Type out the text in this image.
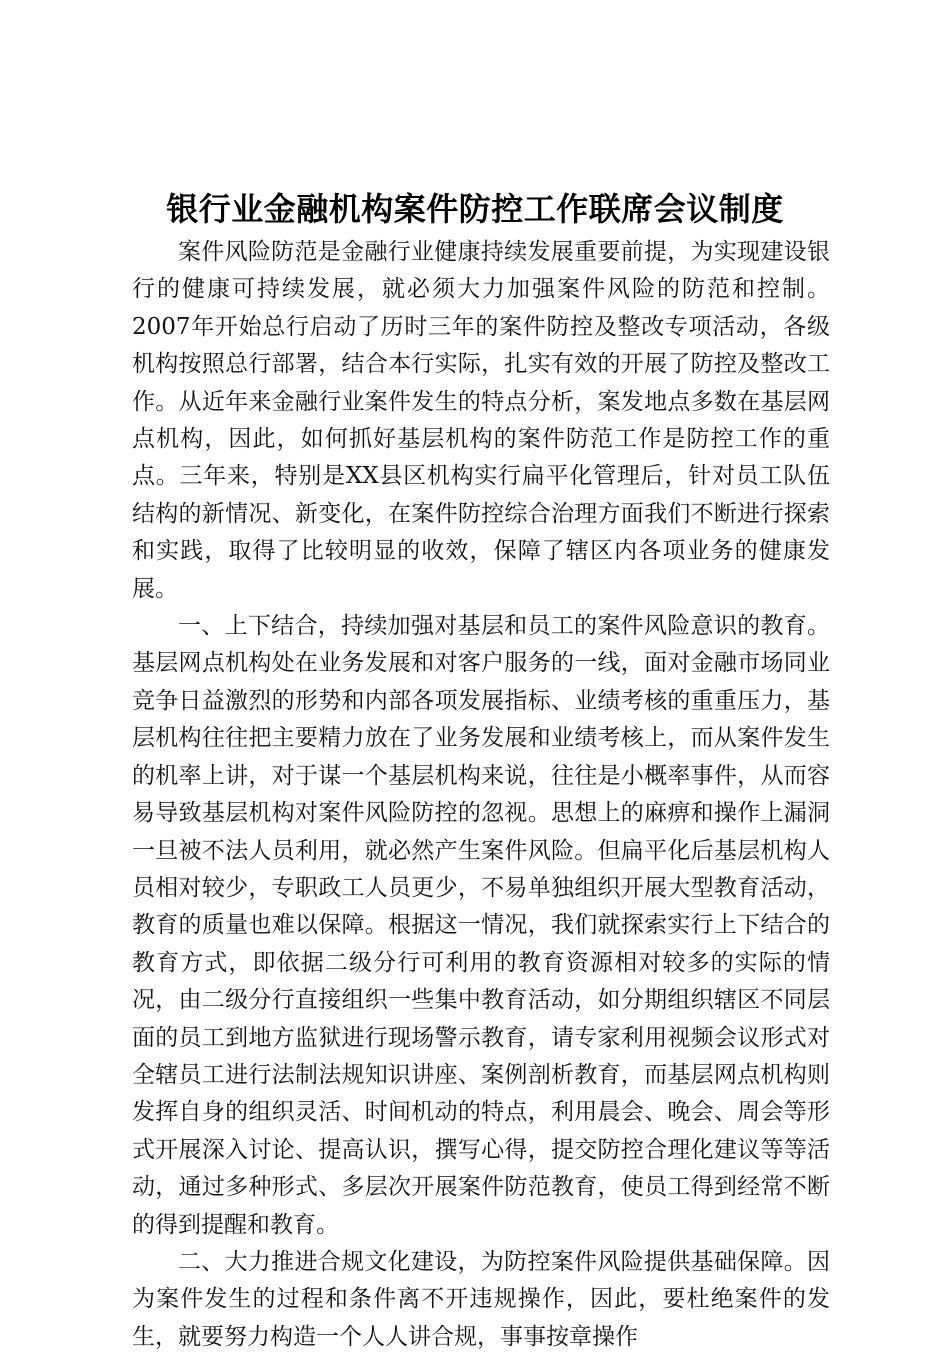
银行业金融机构案件防控工作联席会议制度

案件风险防范是金融行业健康持续发展重要前提，为实现建设银行的健康可持续发展，就必须大力加强案件风险的防范和控制。2007年开始总行启动了历时三年的案件防控及整改专项活动，各级机构按照总行部署，结合本行实际，扎实有效的开展了防控及整改工作。从近年来金融行业案件发生的特点分析，案发地点多数在基层网点机构，因此，如何抓好基层机构的案件防范工作是防控工作的重点。三年来，特别是XX县区机构实行扁平化管理后，针对员工队伍结构的新情况、新变化，在案件防控综合治理方面我们不断进行探索和实践，取得了比较明显的收效，保障了辖区内各项业务的健康发展。

一、上下结合，持续加强对基层和员工的案件风险意识的教育。基层网点机构处在业务发展和对客户服务的一线，面对金融市场同业竞争日益激烈的形势和内部各项发展指标、业绩考核的重重压力，基层机构往往把主要精力放在了业务发展和业绩考核上，而从案件发生的机率上讲，对于谋一个基层机构来说，往往是小概率事件，从而容易导致基层机构对案件风险防控的忽视。思想上的麻痹和操作上漏洞一旦被不法人员利用，就必然产生案件风险。但扁平化后基层机构人员相对较少，专职政工人员更少，不易单独组织开展大型教育活动，教育的质量也难以保障。根据这一情况，我们就探索实行上下结合的教育方式，即依据二级分行可利用的教育资源相对较多的实际的情况，由二级分行直接组织一些集中教育活动，如分期组织辖区不同层面的员工到地方监狱进行现场警示教育，请专家利用视频会议形式对全辖员工进行法制法规知识讲座、案例剖析教育，而基层网点机构则发挥自身的组织灵活、时间机动的特点，利用晨会、晚会、周会等形式开展深入讨论、提高认识，撰写心得，提交防控合理化建议等等活动，通过多种形式、多层次开展案件防范教育，使员工得到经常不断的得到提醒和教育。

二、大力推进合规文化建设，为防控案件风险提供基础保障。因为案件发生的过程和条件离不开违规操作，因此，要杜绝案件的发生，就要努力构造一个人人讲合规，事事按章操作
